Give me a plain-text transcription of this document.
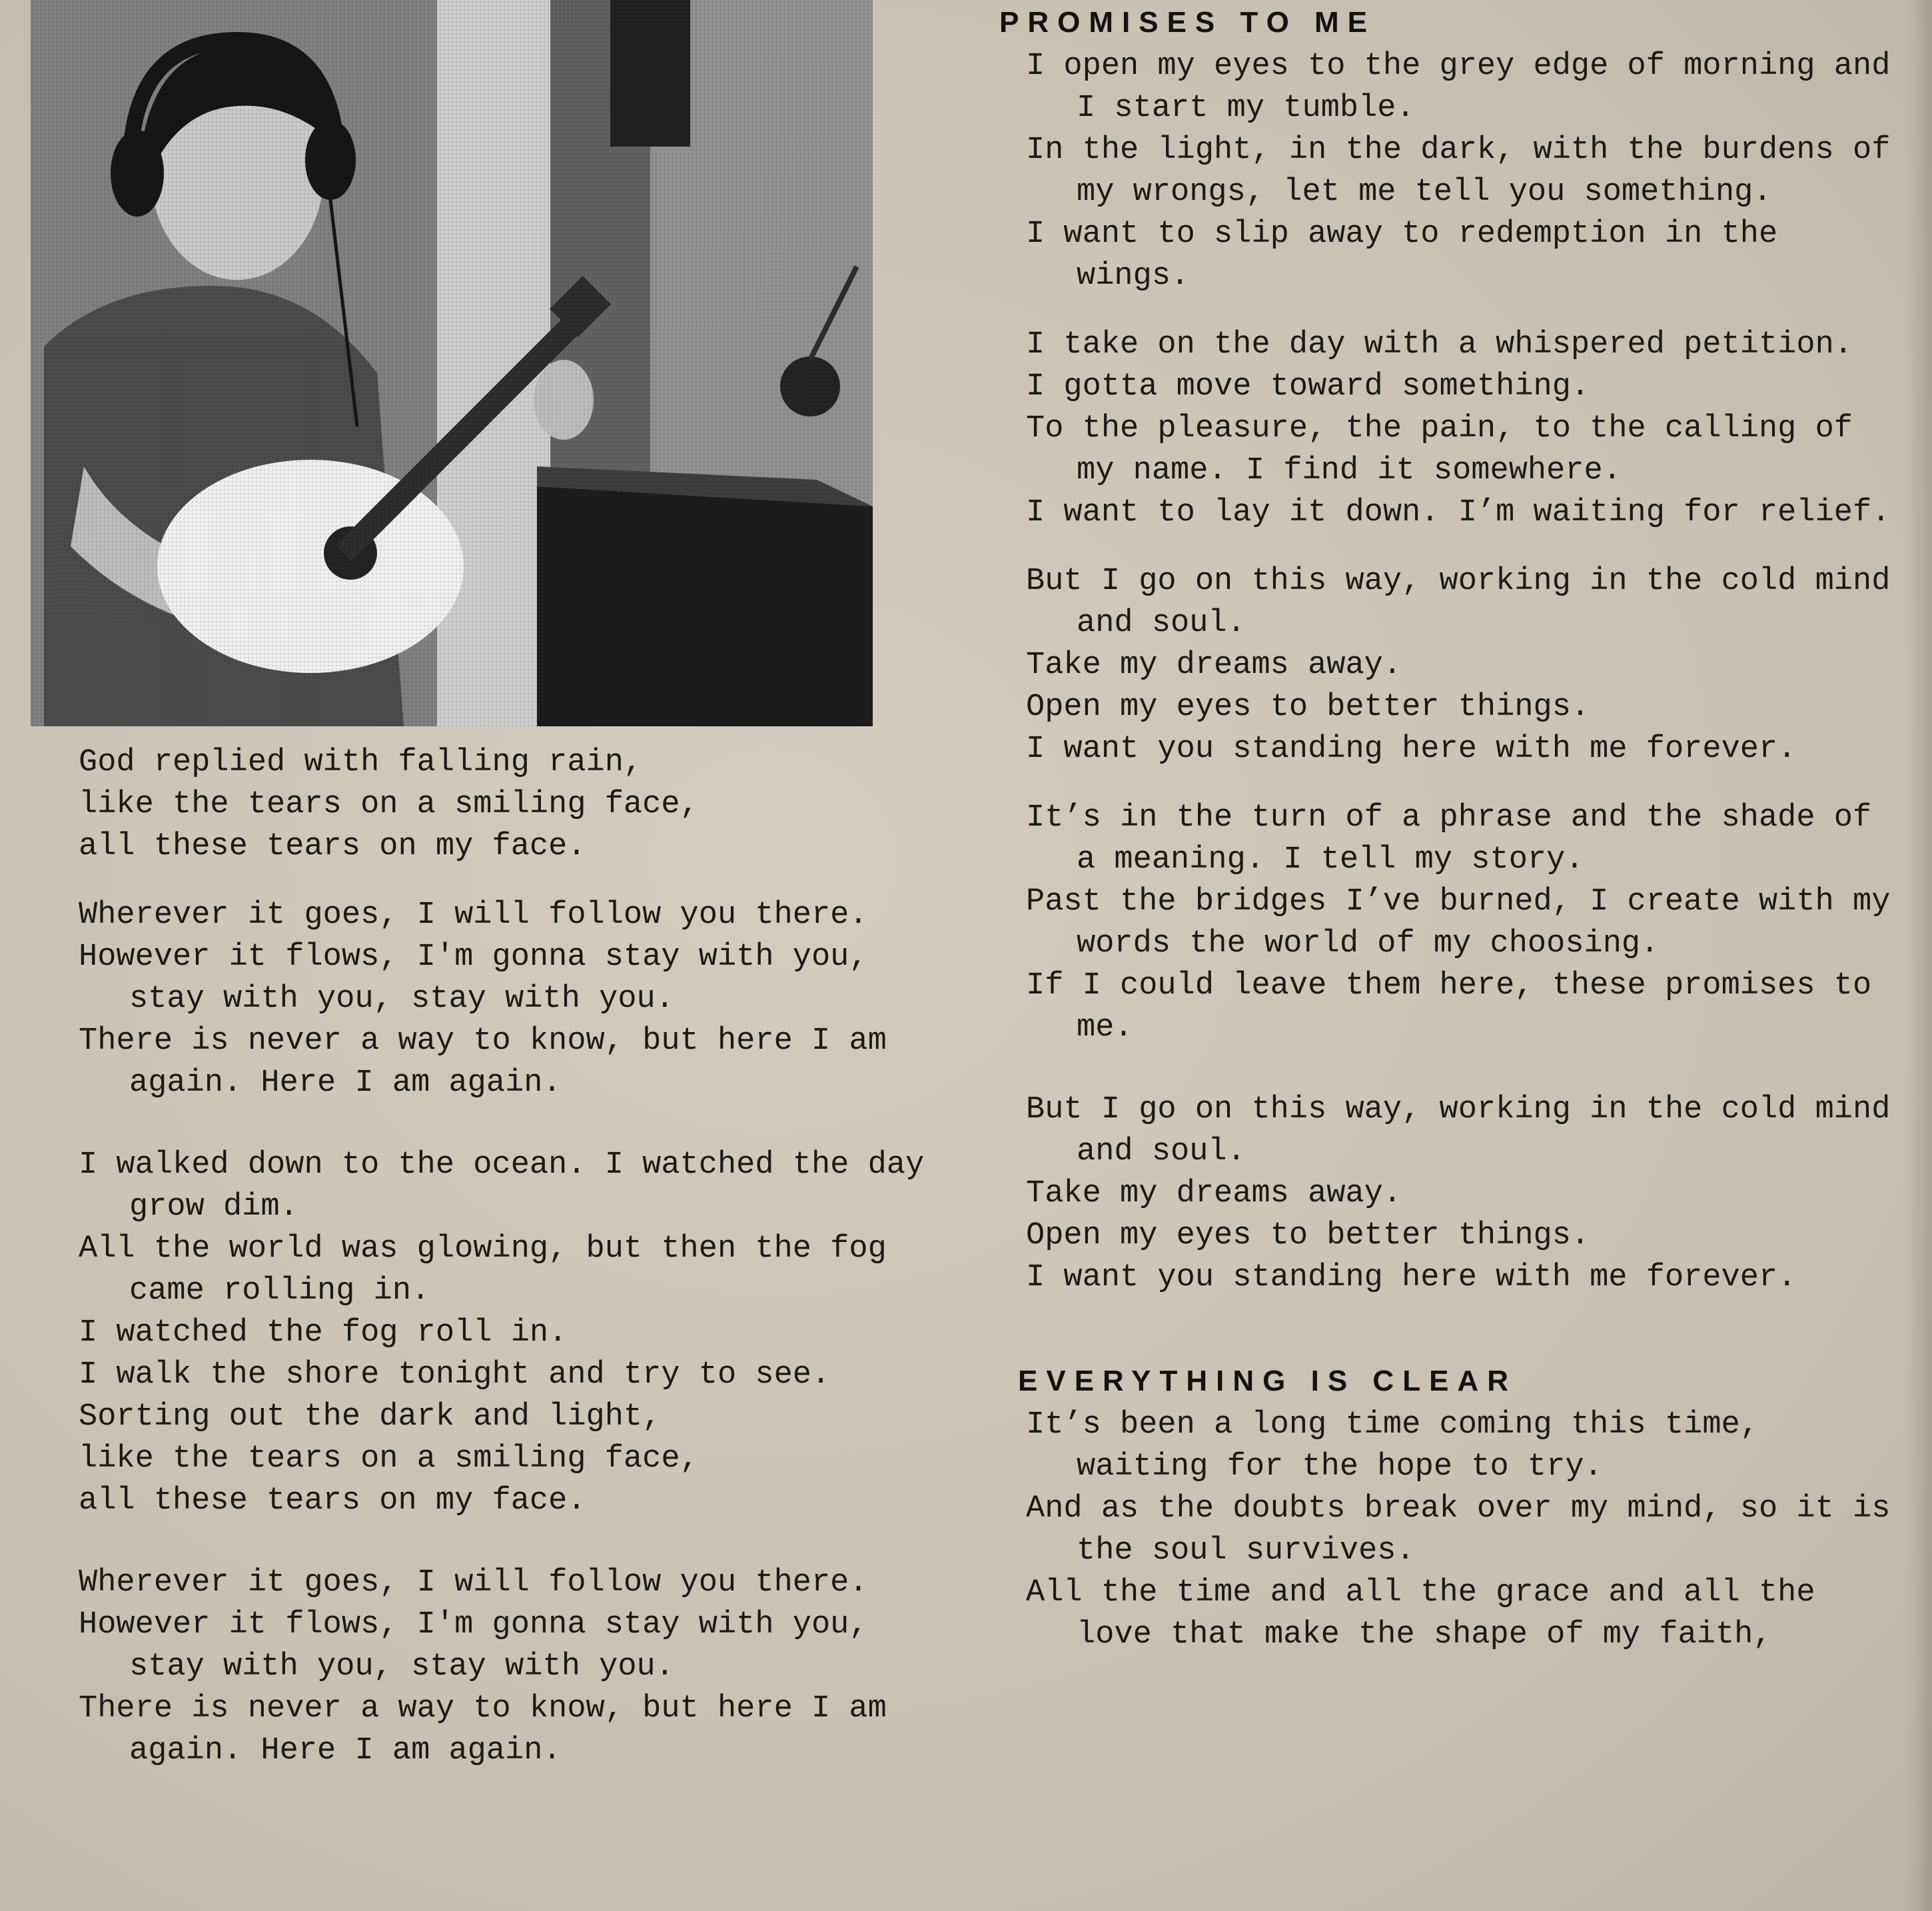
God replied with falling rain,

like the tears on a smiling face,

all these tears on my face.

Wherever it goes, I will follow you there.

However it flows, I'm gonna stay with you, stay with you, stay with you.

There is never a way to know, but here I am again. Here I am again.

I walked down to the ocean. I watched the day grow dim.

All the world was glowing, but then the fog came rolling in.

I watched the fog roll in.

I walk the shore tonight and try to see.

Sorting out the dark and light,

like the tears on a smiling face,

all these tears on my face.

Wherever it goes, I will follow you there.

However it flows, I'm gonna stay with you, stay with you, stay with you.

There is never a way to know, but here I am again. Here I am again.

PROMISES TO ME

I open my eyes to the grey edge of morning and I start my tumble.

In the light, in the dark, with the burdens of my wrongs, let me tell you something.

I want to slip away to redemption in the wings.

I take on the day with a whispered petition.

I gotta move toward something.

To the pleasure, the pain, to the calling of my name. I find it somewhere.

I want to lay it down. I’m waiting for relief.

But I go on this way, working in the cold mind and soul.

Take my dreams away.

Open my eyes to better things.

I want you standing here with me forever.

It’s in the turn of a phrase and the shade of a meaning. I tell my story.

Past the bridges I’ve burned, I create with my words the world of my choosing.

If I could leave them here, these promises to me.

But I go on this way, working in the cold mind and soul.

Take my dreams away.

Open my eyes to better things.

I want you standing here with me forever.

EVERYTHING IS CLEAR

It’s been a long time coming this time, waiting for the hope to try.

And as the doubts break over my mind, so it is the soul survives.

All the time and all the grace and all the love that make the shape of my faith,
